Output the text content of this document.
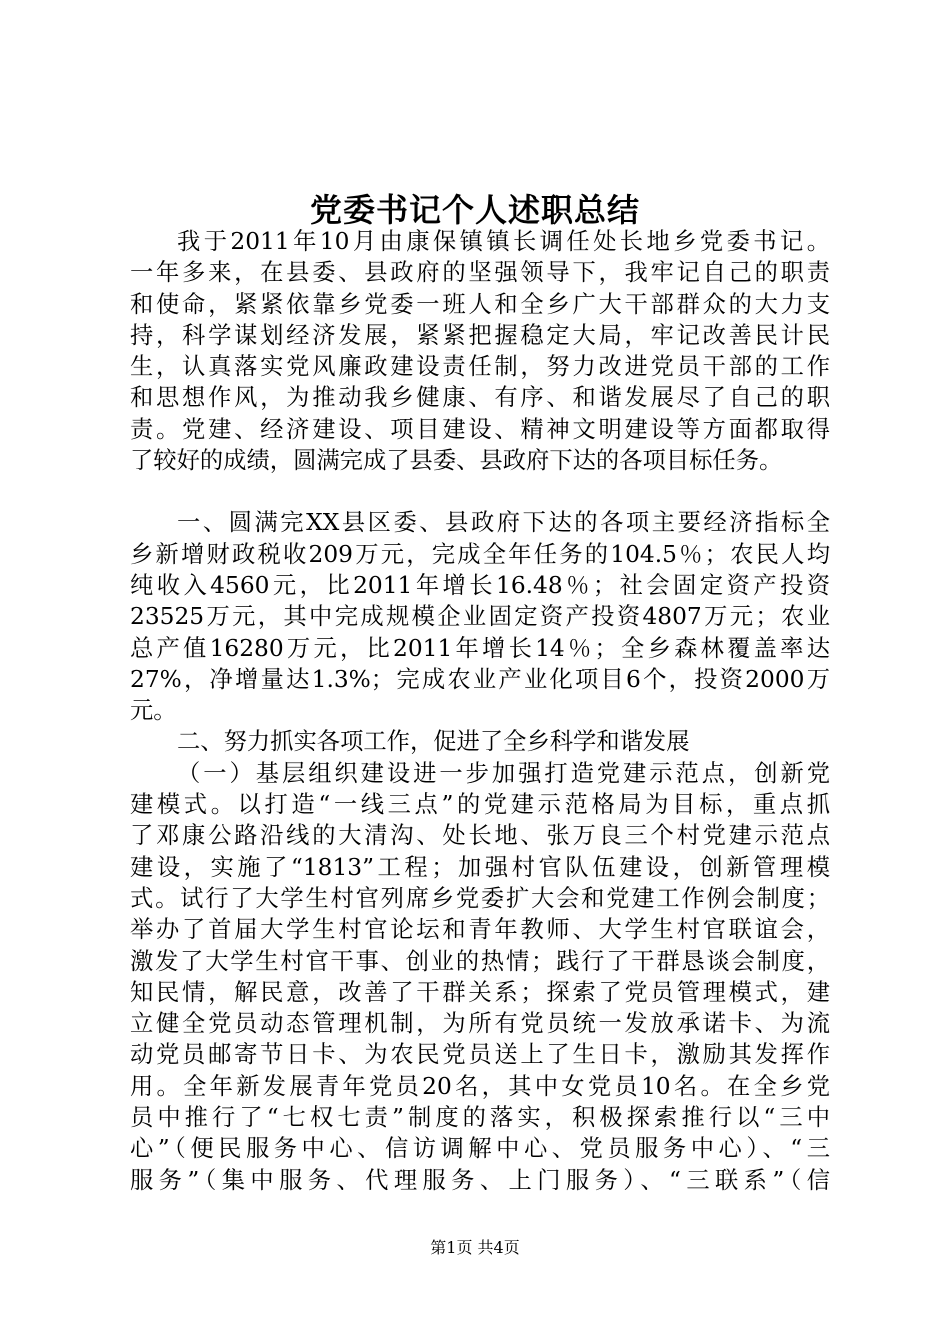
党委书记个人述职总结
我于2011年10月由康保镇镇长调任处长地乡党委书记。
一年多来，在县委、县政府的坚强领导下，我牢记自己的职责
和使命，紧紧依靠乡党委一班人和全乡广大干部群众的大力支
持，科学谋划经济发展，紧紧把握稳定大局，牢记改善民计民
生，认真落实党风廉政建设责任制，努力改进党员干部的工作
和思想作风，为推动我乡健康、有序、和谐发展尽了自己的职
责。党建、经济建设、项目建设、精神文明建设等方面都取得
了较好的成绩，圆满完成了县委、县政府下达的各项目标任务。
一、圆满完XX县区委、县政府下达的各项主要经济指标全
乡新增财政税收209万元，完成全年任务的104.5％；农民人均
纯收入4560元，比2011年增长16.48％；社会固定资产投资
23525万元，其中完成规模企业固定资产投资4807万元；农业
总产值16280万元，比2011年增长14％；全乡森林覆盖率达
27%，净增量达1.3%；完成农业产业化项目6个，投资2000万
元。
二、努力抓实各项工作，促进了全乡科学和谐发展
（一）基层组织建设进一步加强打造党建示范点，创新党
建模式。以打造“一线三点”的党建示范格局为目标，重点抓
了邓康公路沿线的大清沟、处长地、张万良三个村党建示范点
建设，实施了“1813”工程；加强村官队伍建设，创新管理模
式。试行了大学生村官列席乡党委扩大会和党建工作例会制度；
举办了首届大学生村官论坛和青年教师、大学生村官联谊会，
激发了大学生村官干事、创业的热情；践行了干群恳谈会制度，
知民情，解民意，改善了干群关系；探索了党员管理模式，建
立健全党员动态管理机制，为所有党员统一发放承诺卡、为流
动党员邮寄节日卡、为农民党员送上了生日卡，激励其发挥作
用。全年新发展青年党员20名，其中女党员10名。在全乡党
员中推行了“七权七责”制度的落实，积极探索推行以“三中
心”（便民服务中心、信访调解中心、党员服务中心）、“三
服务”（集中服务、代理服务、上门服务）、“三联系”（信
第1页 共4页
